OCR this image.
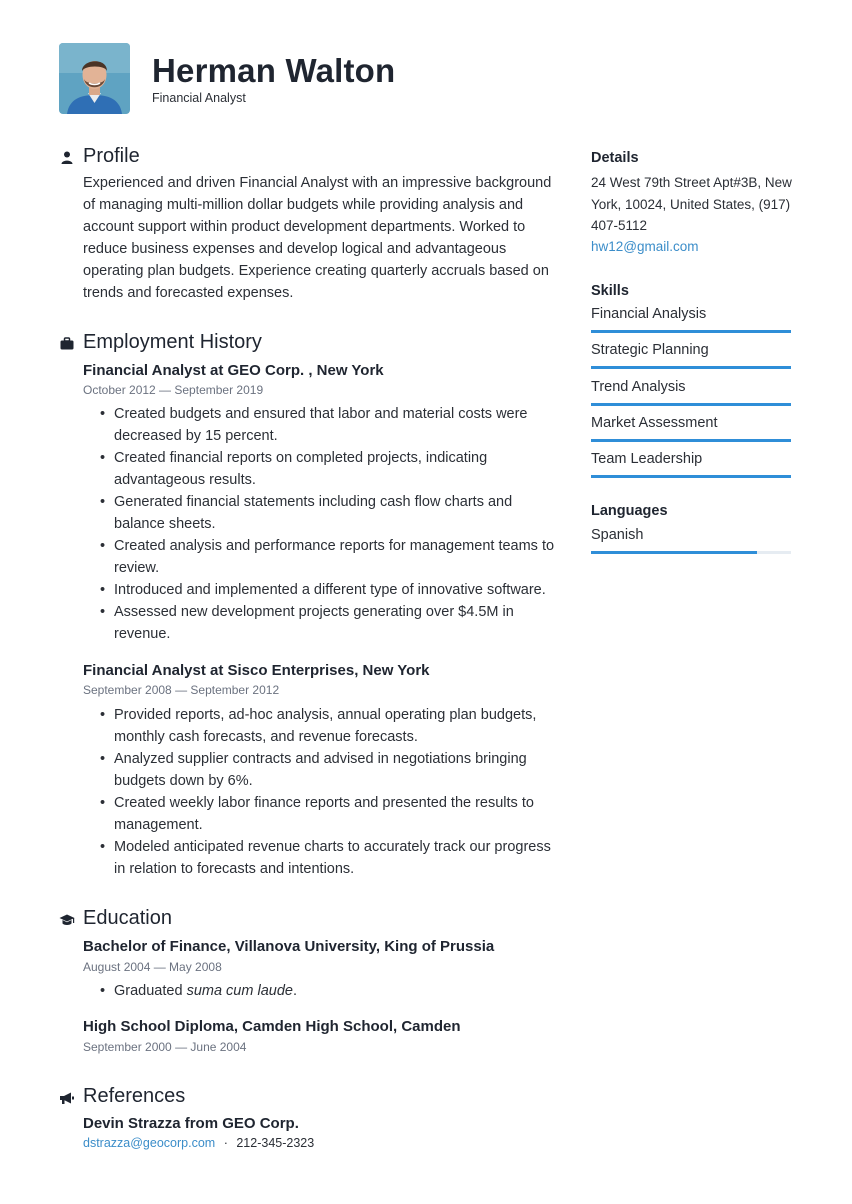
Herman Walton
Financial Analyst
Profile
Experienced and driven Financial Analyst with an impressive background of managing multi-million dollar budgets while providing analysis and account support within product development departments. Worked to reduce business expenses and develop logical and advantageous operating plan budgets. Experience creating quarterly accruals based on trends and forecasted expenses.
Employment History
Financial Analyst at GEO Corp. , New York
October 2012 — September 2019
• Created budgets and ensured that labor and material costs were decreased by 15 percent.
• Created financial reports on completed projects, indicating advantageous results.
• Generated financial statements including cash flow charts and balance sheets.
• Created analysis and performance reports for management teams to review.
• Introduced and implemented a different type of innovative software.
• Assessed new development projects generating over $4.5M in revenue.
Financial Analyst at Sisco Enterprises, New York
September 2008 — September 2012
• Provided reports, ad-hoc analysis, annual operating plan budgets, monthly cash forecasts, and revenue forecasts.
• Analyzed supplier contracts and advised in negotiations bringing budgets down by 6%.
• Created weekly labor finance reports and presented the results to management.
• Modeled anticipated revenue charts to accurately track our progress in relation to forecasts and intentions.
Education
Bachelor of Finance, Villanova University, King of Prussia
August 2004 — May 2008
• Graduated suma cum laude.
High School Diploma, Camden High School, Camden
September 2000 — June 2004
References
Devin Strazza from GEO Corp.
dstrazza@geocorp.com · 212-345-2323
Details
24 West 79th Street Apt#3B, New York, 10024, United States, (917) 407-5112
hw12@gmail.com
Skills
Financial Analysis
Strategic Planning
Trend Analysis
Market Assessment
Team Leadership
Languages
Spanish
